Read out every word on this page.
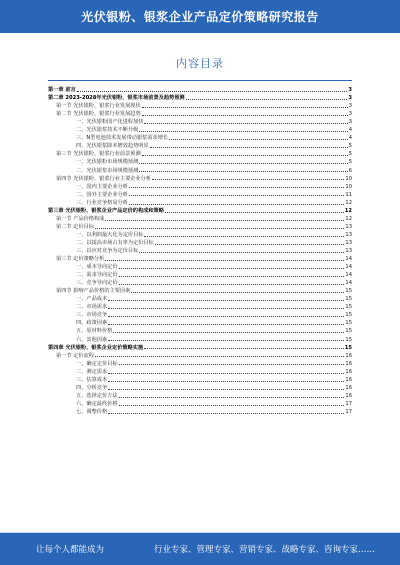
光伏银粉、银浆企业产品定价策略研究报告
内容目录
第一章 前言	3
第二章 2023-2028年光伏银粉、银浆市场前景及趋势预测	3
第一节 光伏银粉、银浆行业发展现状	3
第二节 光伏银粉、银浆行业发展趋势	3
一、光伏银粉国产化进程加快	3
二、光伏银浆技术不断升级	4
三、N型电池技术发展带动银浆需求增长	4
四、光伏银浆降本增效趋势明显	5
第三节 光伏银粉、银浆行业前景预测	5
一、光伏银粉市场规模预测	5
二、光伏银浆市场规模预测	6
第四节 光伏银粉、银浆行业主要企业分析	10
一、国内主要企业分析	10
二、国外主要企业分析	11
三、行业竞争格局分析	12
第三章 光伏银粉、银浆企业产品定价的构成和策略	12
第一节 产品价格构成	12
第二节 定价目标	13
一、以利润最大化为定价目标	13
二、以提高市场占有率为定价目标	13
三、以应对竞争为定价目标	13
第三节 定价策略分析	14
一、成本导向定价	14
二、需求导向定价	14
三、竞争导向定价	14
第四节 影响产品价格的主要因素	15
一、产品成本	15
二、市场需求	15
三、市场竞争	15
四、政策因素	15
五、原材料价格	15
六、其他因素	15
第四章 光伏银粉、银浆企业定价策略实施	15
第一节 定价流程	16
一、确定定价目标	16
二、测定需求	16
三、估算成本	16
四、分析竞争	16
五、选择定价方法	16
六、确定最终价格	17
七、调整价格	17
让每个人都能成为	行业专家、管理专家、营销专家、战略专家、咨询专家……
